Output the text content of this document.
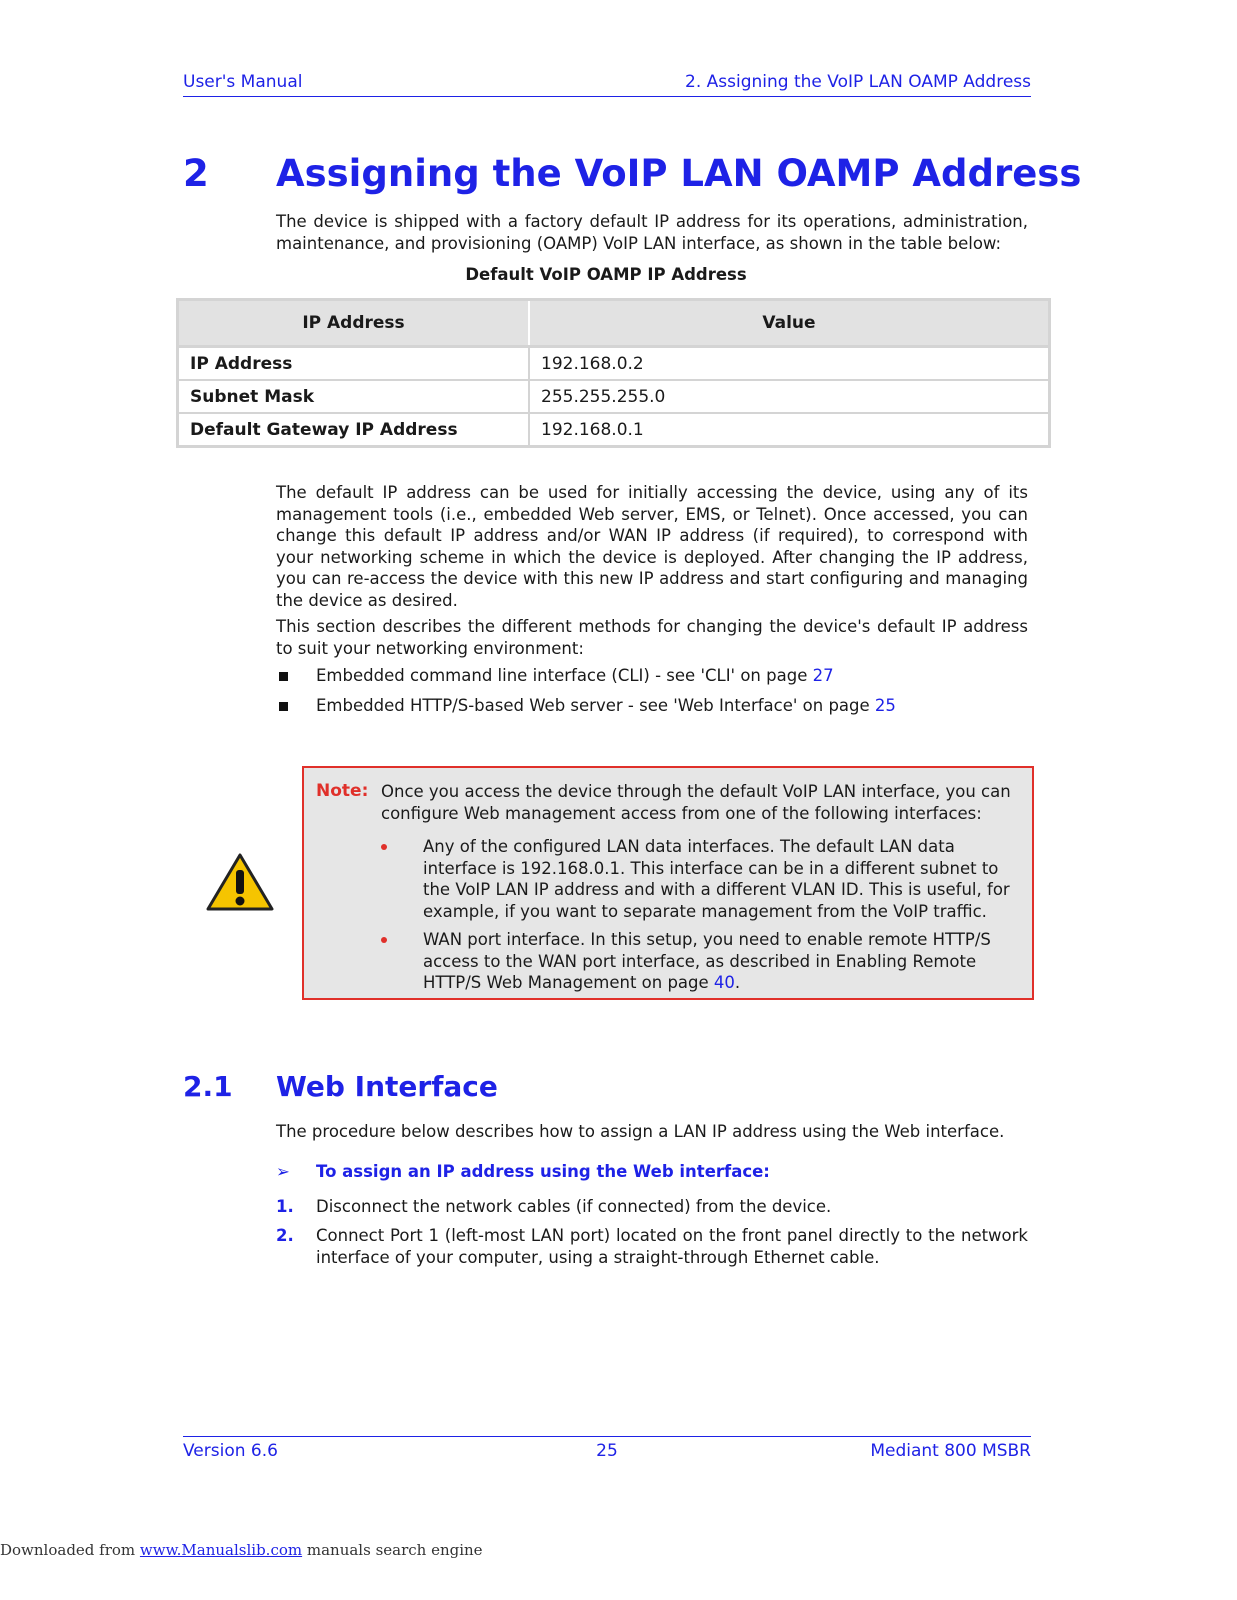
User's Manual	2. Assigning the VoIP LAN OAMP Address
2 Assigning the VoIP LAN OAMP Address

The device is shipped with a factory default IP address for its operations, administration, maintenance, and provisioning (OAMP) VoIP LAN interface, as shown in the table below:

Default VoIP OAMP IP Address
IP Address	Value
IP Address	192.168.0.2
Subnet Mask	255.255.255.0
Default Gateway IP Address	192.168.0.1

The default IP address can be used for initially accessing the device, using any of its management tools (i.e., embedded Web server, EMS, or Telnet). Once accessed, you can change this default IP address and/or WAN IP address (if required), to correspond with your networking scheme in which the device is deployed. After changing the IP address, you can re-access the device with this new IP address and start configuring and managing the device as desired.

This section describes the different methods for changing the device's default IP address to suit your networking environment:

Embedded command line interface (CLI) - see 'CLI' on page 27
Embedded HTTP/S-based Web server - see 'Web Interface' on page 25
Note: Once you access the device through the default VoIP LAN interface, you can configure Web management access from one of the following interfaces:
Any of the configured LAN data interfaces. The default LAN data interface is 192.168.0.1. This interface can be in a different subnet to the VoIP LAN IP address and with a different VLAN ID. This is useful, for example, if you want to separate management from the VoIP traffic.
WAN port interface. In this setup, you need to enable remote HTTP/S access to the WAN port interface, as described in Enabling Remote HTTP/S Web Management on page 40.
2.1 Web Interface

The procedure below describes how to assign a LAN IP address using the Web interface.

➢ To assign an IP address using the Web interface:
1. Disconnect the network cables (if connected) from the device.
2. Connect Port 1 (left-most LAN port) located on the front panel directly to the network interface of your computer, using a straight-through Ethernet cable.
Version 6.6	25	Mediant 800 MSBR
Downloaded from www.Manualslib.com manuals search engine
